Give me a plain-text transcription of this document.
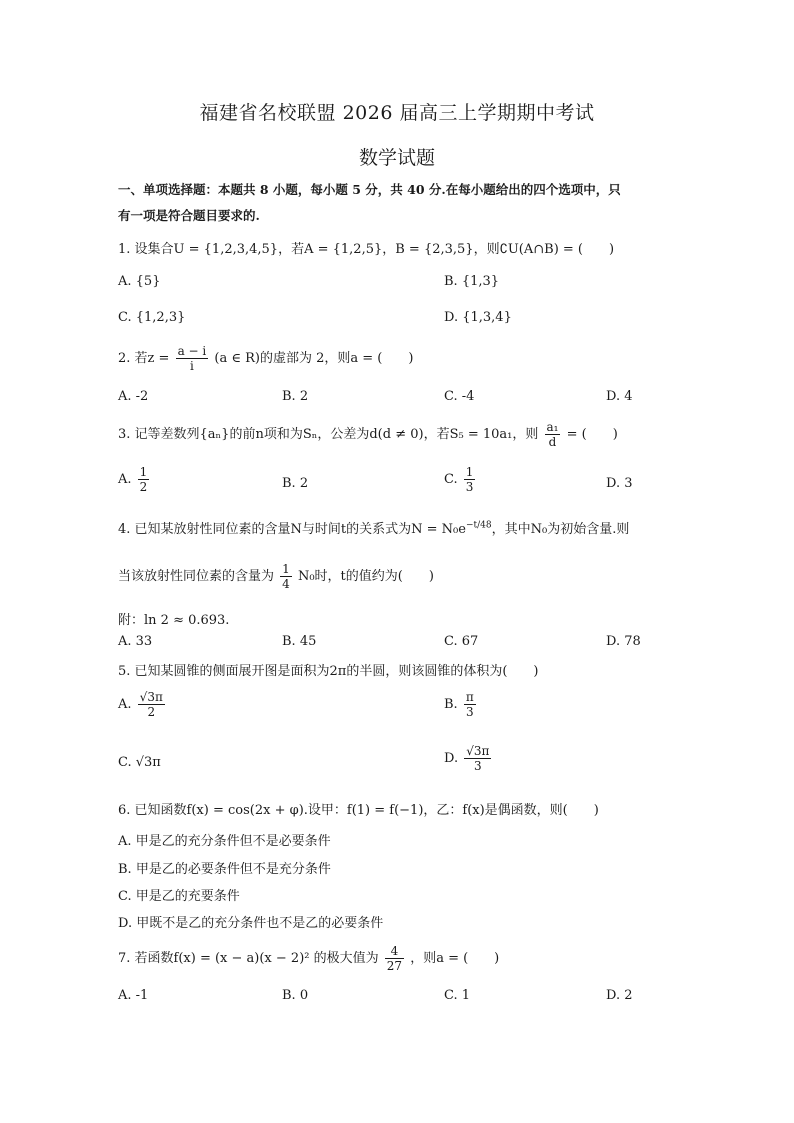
福建省名校联盟 2026 届高三上学期期中考试
数学试题
一、单项选择题：本题共 8 小题，每小题 5 分，共 40 分.在每小题给出的四个选项中，只
有一项是符合题目要求的.
1. 设集合U = {1,2,3,4,5}，若A = {1,2,5}，B = {2,3,5}，则∁U(A∩B) = (　　)
A. {5}	B. {1,3}
C. {1,2,3}	D. {1,3,4}
2. 若$z = \frac{a - i}{i} (a$ ∈ R)的虚部为 2，则a = (　　)
A. -2	B. 2	C. -4	D. 4
3. 记等差数列{aₙ}的前n项和为Sₙ，公差为d(d ≠ 0)，若S₅ = 10a₁，则 $\frac{\text{a₁}}{d}$ = (　　)
A. $\frac{1}{2}$	B. 2	C. $\frac{1}{3}$	D. 3
4. 已知某放射性同位素的含量N与时间t的关系式为$N = N_0e^{-t/48}$，其中N₀为初始含量.则
当该放射性同位素的含量为 $\frac{1}{4} N_0$时，t的值约为(　　)
附：ln 2 ≈ 0.693.
A. 33	B. 45	C. 67	D. 78
5. 已知某圆锥的侧面展开图是面积为2π的半圆，则该圆锥的体积为(　　)
A. $\frac{√3\pi}{2}$	B. $\frac{\pi}{3}$
C. √3π	D. $\frac{√3\pi}{3}$
6. 已知函数f(x) = cos(2x + φ).设甲：f(1) = f(−1)，乙：f(x)是偶函数，则(　　)
A. 甲是乙的充分条件但不是必要条件
B. 甲是乙的必要条件但不是充分条件
C. 甲是乙的充要条件
D. 甲既不是乙的充分条件也不是乙的必要条件
7. 若函数f(x) = (x − a)(x − 2)² 的极大值为 $\frac{4}{27}$ ，则a = (　　)
A. -1	B. 0	C. 1	D. 2
